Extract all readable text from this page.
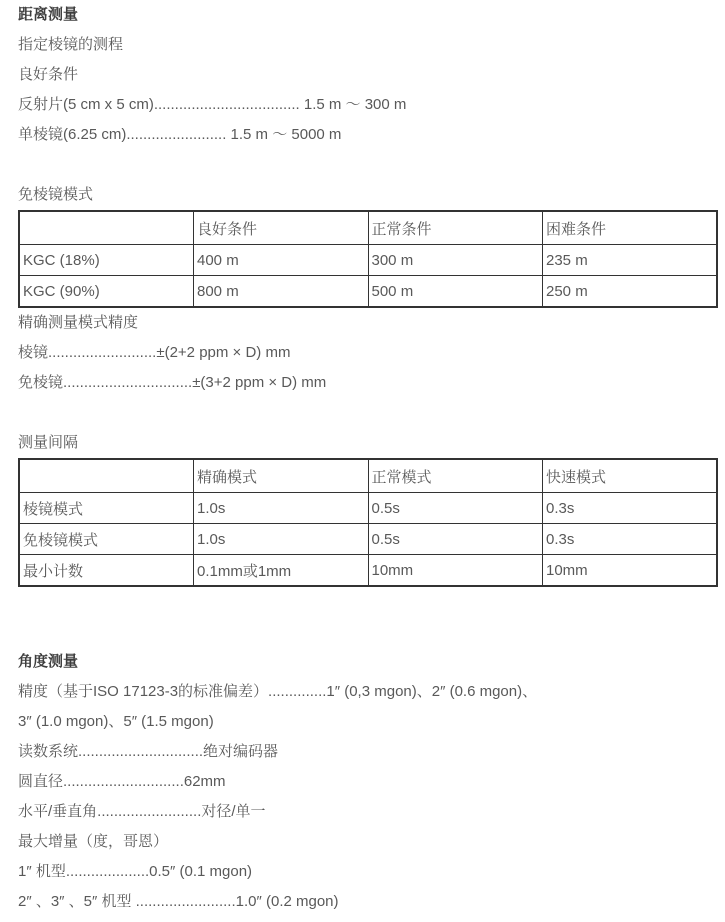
距离测量

指定棱镜的测程

良好条件

反射片(5 cm x 5 cm)................................... 1.5 m ～ 300 m

单棱镜(6.25 cm)........................ 1.5 m ～ 5000 m

免棱镜模式

	良好条件	正常条件	困难条件
KGC (18%)	400 m	300 m	235 m
KGC (90%)	800 m	500 m	250 m

精确测量模式精度

棱镜..........................±(2+2 ppm × D) mm

免棱镜...............................±(3+2 ppm × D) mm

测量间隔

	精确模式	正常模式	快速模式
棱镜模式	1.0s	0.5s	0.3s
免棱镜模式	1.0s	0.5s	0.3s
最小计数	0.1mm或1mm	10mm	10mm

角度测量

精度（基于ISO 17123-3的标准偏差）..............1″ (0,3 mgon)、2″ (0.6 mgon)、

3″ (1.0 mgon)、5″ (1.5 mgon)

读数系统..............................绝对编码器

圆直径.............................62mm

水平/垂直角.........................对径/单一

最大增量（度，哥恩）

1″ 机型....................0.5″ (0.1 mgon)

2″ 、3″ 、5″ 机型 ........................1.0″ (0.2 mgon)
